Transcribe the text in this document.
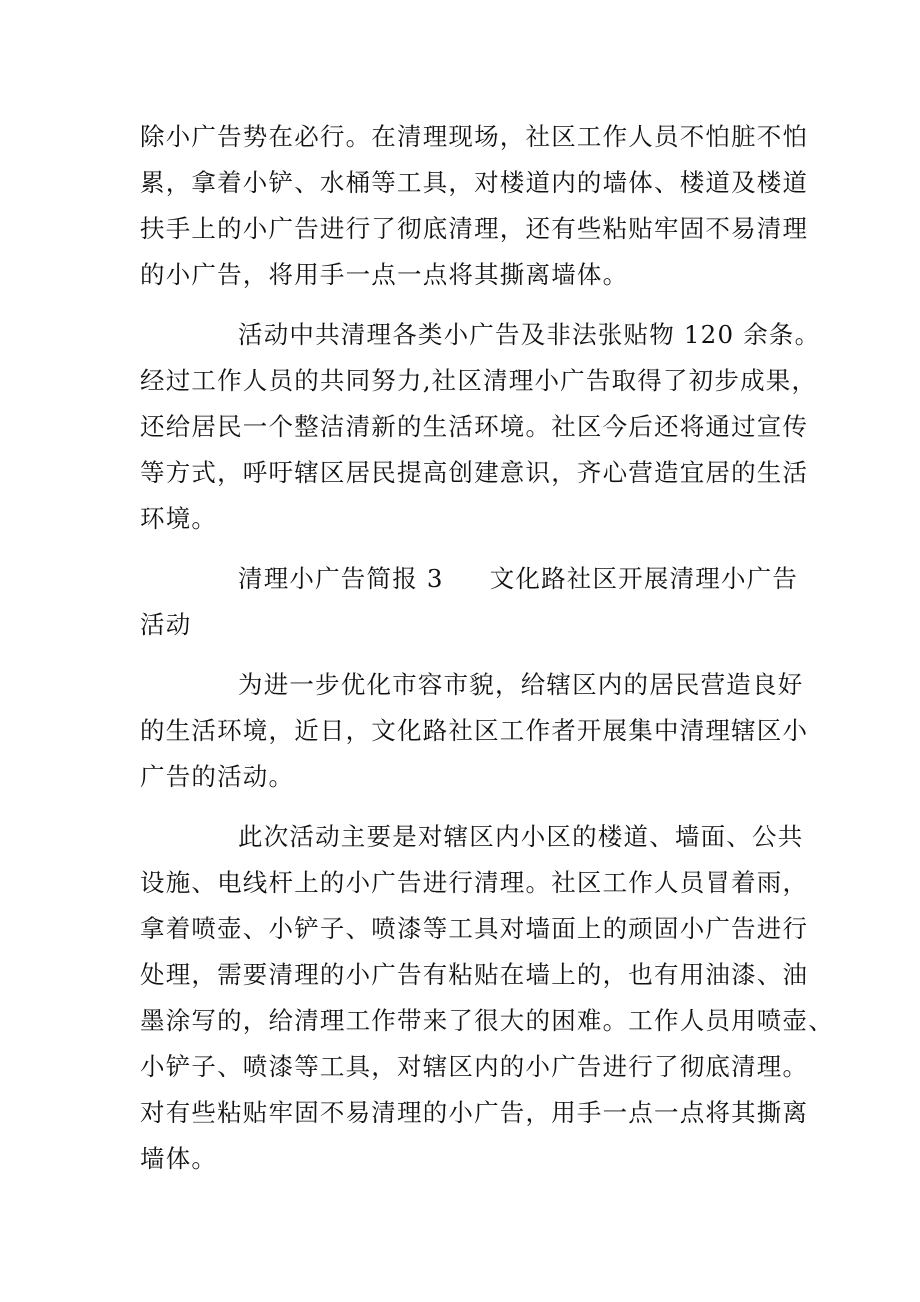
除小广告势在必行。在清理现场，社区工作人员不怕脏不怕
累，拿着小铲、水桶等工具，对楼道内的墙体、楼道及楼道
扶手上的小广告进行了彻底清理，还有些粘贴牢固不易清理
的小广告，将用手一点一点将其撕离墙体。

活动中共清理各类小广告及非法张贴物 120 余条。
经过工作人员的共同努力,社区清理小广告取得了初步成果，
还给居民一个整洁清新的生活环境。社区今后还将通过宣传
等方式，呼吁辖区居民提高创建意识，齐心营造宜居的生活
环境。

清理小广告简报 3 文化路社区开展清理小广告
活动

为进一步优化市容市貌，给辖区内的居民营造良好
的生活环境，近日，文化路社区工作者开展集中清理辖区小
广告的活动。

此次活动主要是对辖区内小区的楼道、墙面、公共
设施、电线杆上的小广告进行清理。社区工作人员冒着雨，
拿着喷壶、小铲子、喷漆等工具对墙面上的顽固小广告进行
处理，需要清理的小广告有粘贴在墙上的，也有用油漆、油
墨涂写的，给清理工作带来了很大的困难。工作人员用喷壶、
小铲子、喷漆等工具，对辖区内的小广告进行了彻底清理。
对有些粘贴牢固不易清理的小广告，用手一点一点将其撕离
墙体。
